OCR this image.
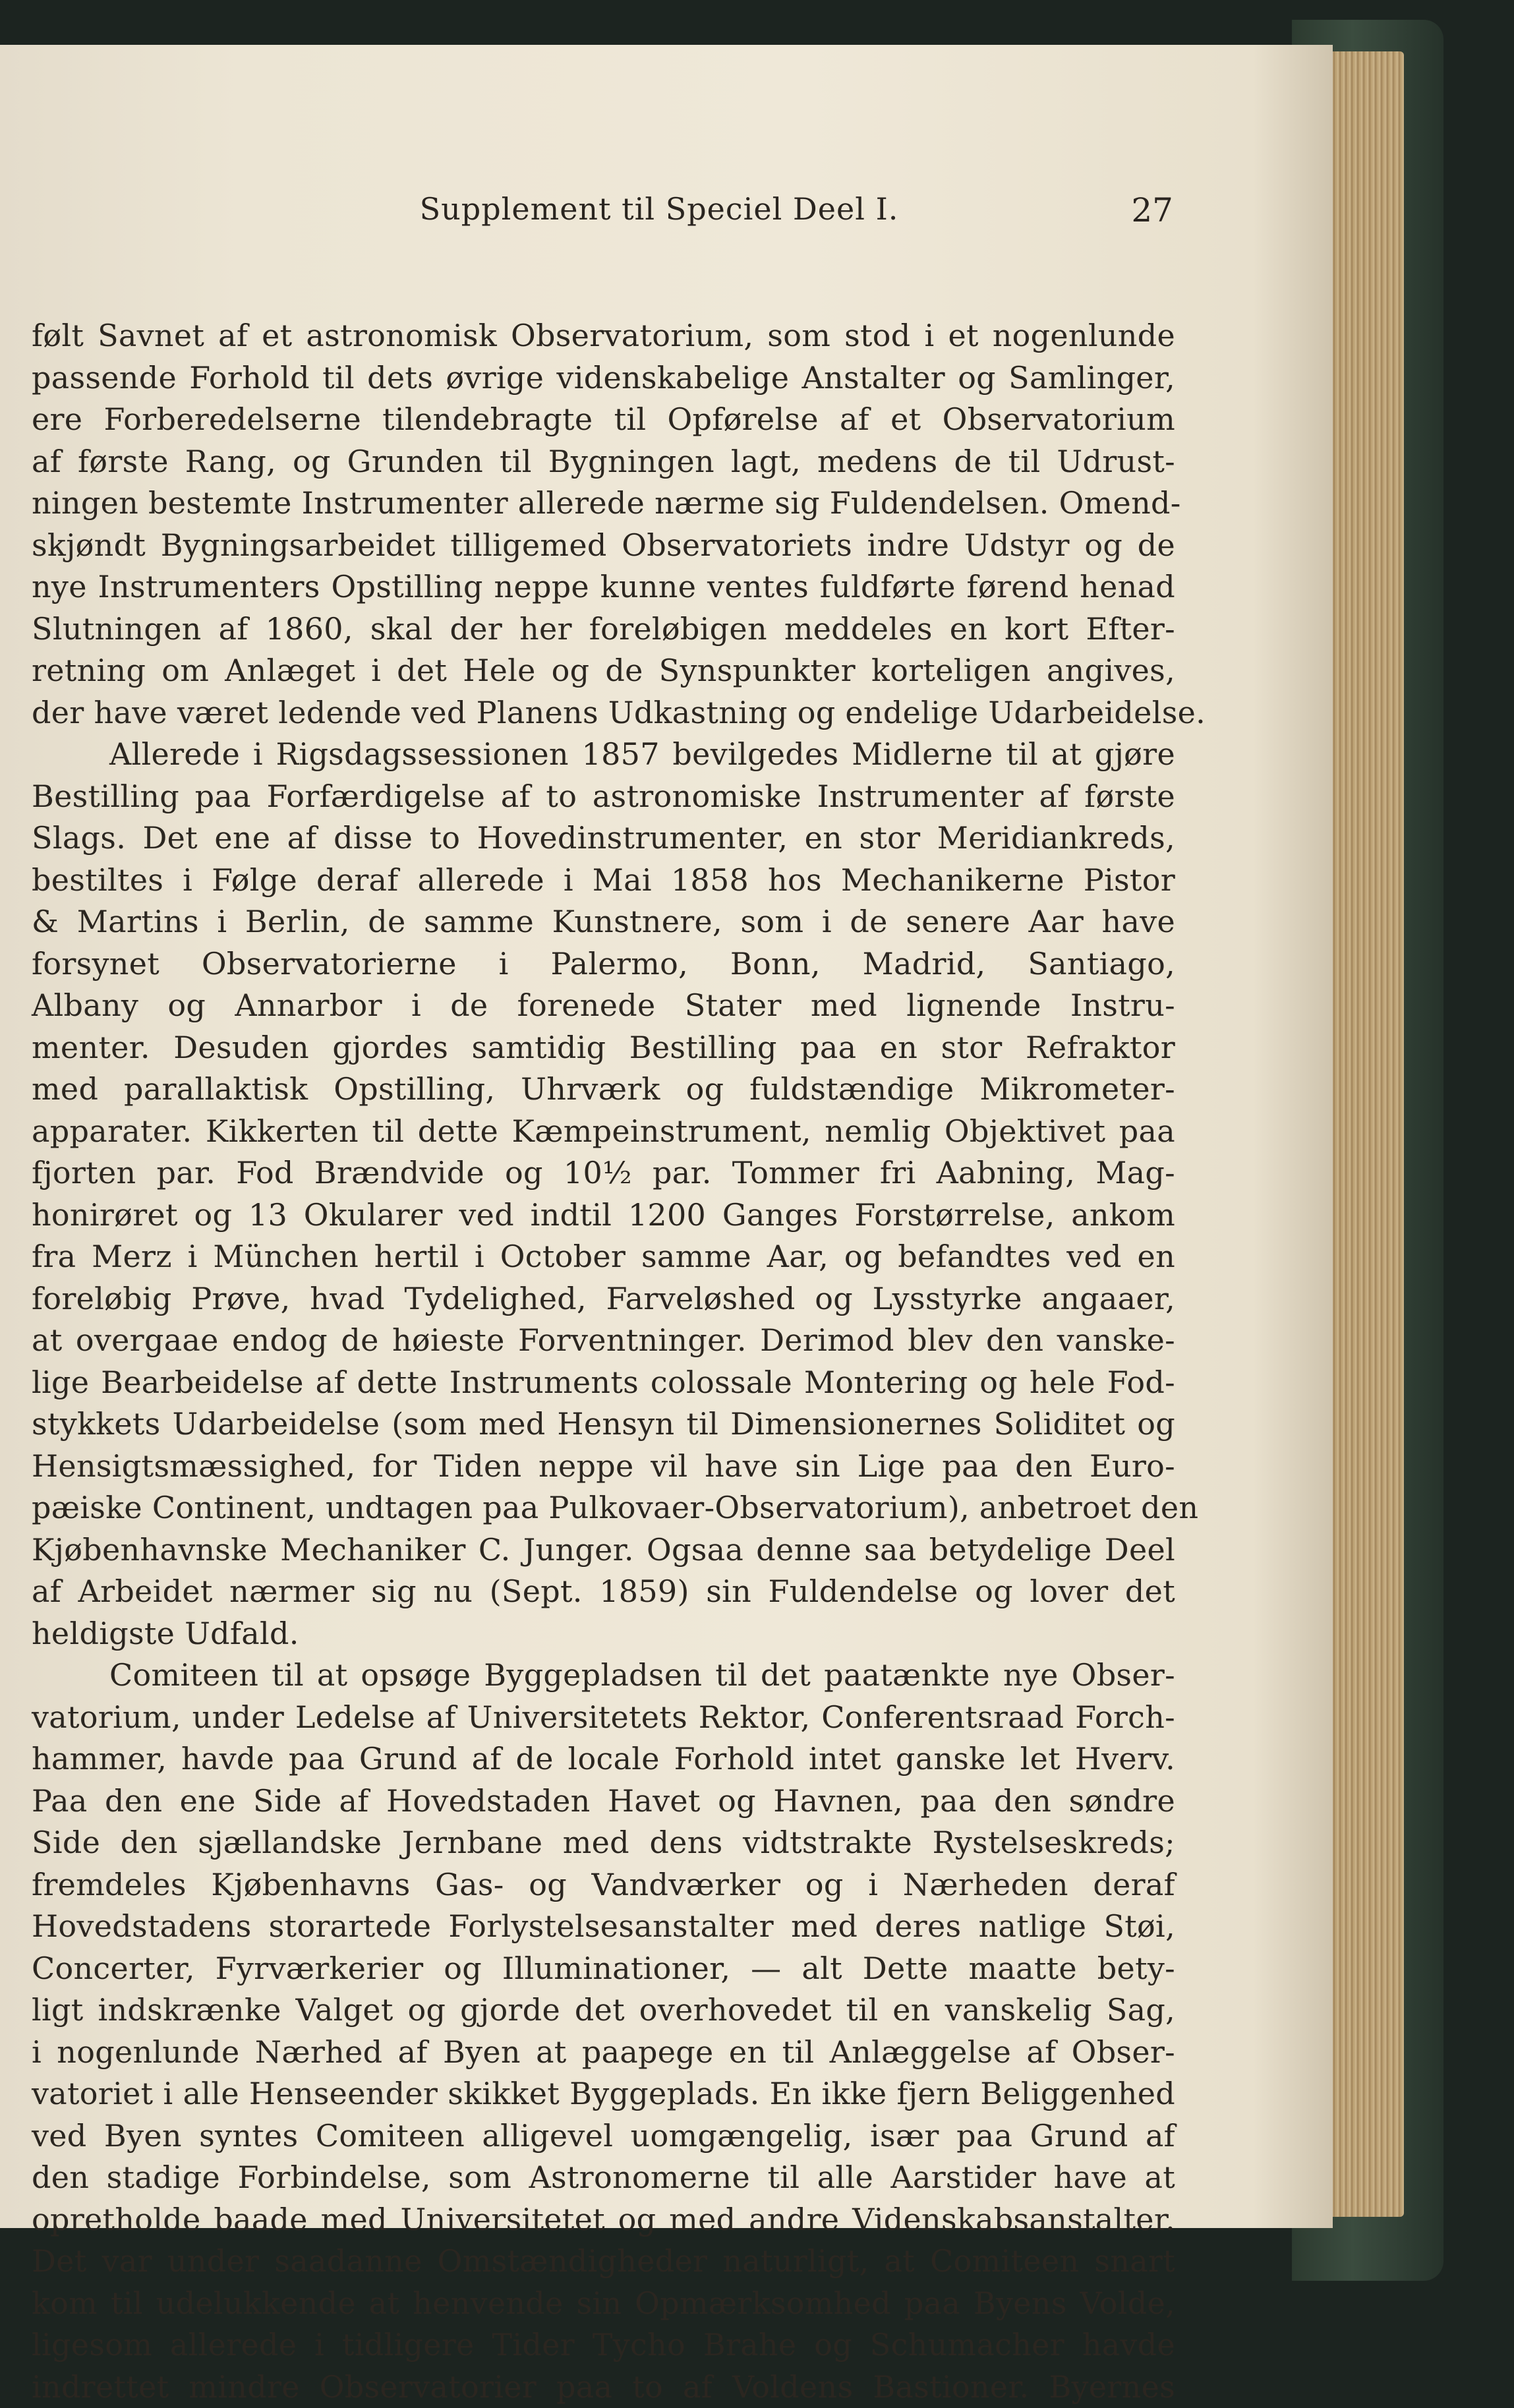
Supplement til Speciel Deel I.	27
følt Savnet af et astronomisk Observatorium, som stod i et nogenlunde
passende Forhold til dets øvrige videnskabelige Anstalter og Samlinger,
ere Forberedelserne tilendebragte til Opførelse af et Observatorium
af første Rang, og Grunden til Bygningen lagt, medens de til Udrust-
ningen bestemte Instrumenter allerede nærme sig Fuldendelsen. Omend-
skjøndt Bygningsarbeidet tilligemed Observatoriets indre Udstyr og de
nye Instrumenters Opstilling neppe kunne ventes fuldførte førend henad
Slutningen af 1860, skal der her foreløbigen meddeles en kort Efter-
retning om Anlæget i det Hele og de Synspunkter korteligen angives,
der have været ledende ved Planens Udkastning og endelige Udarbeidelse.
Allerede i Rigsdagssessionen 1857 bevilgedes Midlerne til at gjøre
Bestilling paa Forfærdigelse af to astronomiske Instrumenter af første
Slags. Det ene af disse to Hovedinstrumenter, en stor Meridiankreds,
bestiltes i Følge deraf allerede i Mai 1858 hos Mechanikerne Pistor
& Martins i Berlin, de samme Kunstnere, som i de senere Aar have
forsynet Observatorierne i Palermo, Bonn, Madrid, Santiago,
Albany og Annarbor i de forenede Stater med lignende Instru-
menter. Desuden gjordes samtidig Bestilling paa en stor Refraktor
med parallaktisk Opstilling, Uhrværk og fuldstændige Mikrometer-
apparater. Kikkerten til dette Kæmpeinstrument, nemlig Objektivet paa
fjorten par. Fod Brændvide og 10½ par. Tommer fri Aabning, Mag-
honirøret og 13 Okularer ved indtil 1200 Ganges Forstørrelse, ankom
fra Merz i München hertil i October samme Aar, og befandtes ved en
foreløbig Prøve, hvad Tydelighed, Farveløshed og Lysstyrke angaaer,
at overgaae endog de høieste Forventninger. Derimod blev den vanske-
lige Bearbeidelse af dette Instruments colossale Montering og hele Fod-
stykkets Udarbeidelse (som med Hensyn til Dimensionernes Soliditet og
Hensigtsmæssighed, for Tiden neppe vil have sin Lige paa den Euro-
pæiske Continent, undtagen paa Pulkovaer-Observatorium), anbetroet den
Kjøbenhavnske Mechaniker C. Junger. Ogsaa denne saa betydelige Deel
af Arbeidet nærmer sig nu (Sept. 1859) sin Fuldendelse og lover det
heldigste Udfald.
Comiteen til at opsøge Byggepladsen til det paatænkte nye Obser-
vatorium, under Ledelse af Universitetets Rektor, Conferentsraad Forch-
hammer, havde paa Grund af de locale Forhold intet ganske let Hverv.
Paa den ene Side af Hovedstaden Havet og Havnen, paa den søndre
Side den sjællandske Jernbane med dens vidtstrakte Rystelseskreds;
fremdeles Kjøbenhavns Gas- og Vandværker og i Nærheden deraf
Hovedstadens storartede Forlystelsesanstalter med deres natlige Støi,
Concerter, Fyrværkerier og Illuminationer, — alt Dette maatte bety-
ligt indskrænke Valget og gjorde det overhovedet til en vanskelig Sag,
i nogenlunde Nærhed af Byen at paapege en til Anlæggelse af Obser-
vatoriet i alle Henseender skikket Byggeplads. En ikke fjern Beliggenhed
ved Byen syntes Comiteen alligevel uomgængelig, især paa Grund af
den stadige Forbindelse, som Astronomerne til alle Aarstider have at
opretholde baade med Universitetet og med andre Videnskabsanstalter.
Det var under saadanne Omstændigheder naturligt, at Comiteen snart
kom til udelukkende at henvende sin Opmærksomhed paa Byens Volde,
ligesom allerede i tidligere Tider Tycho Brahe og Schumacher havde
indrettet mindre Observatorier paa to af Voldens Bastioner. Byernes
